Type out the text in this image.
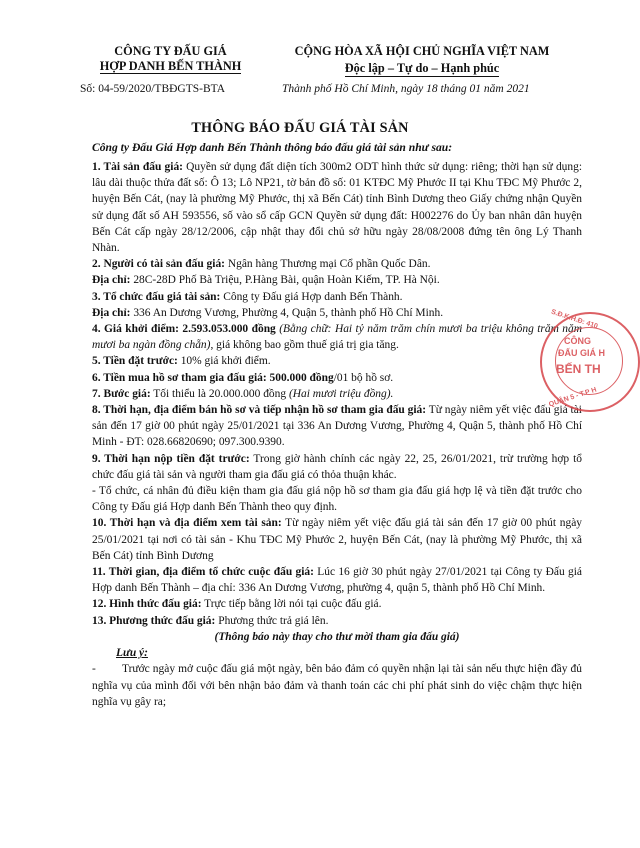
CÔNG TY ĐẤU GIÁ
HỢP DANH BẾN THÀNH
CỘNG HÒA XÃ HỘI CHỦ NGHĨA VIỆT NAM
Độc lập – Tự do – Hạnh phúc
Số: 04-59/2020/TBĐGTS-BTA	Thành phố Hồ Chí Minh, ngày 18 tháng 01 năm 2021
THÔNG BÁO ĐẤU GIÁ TÀI SẢN
Công ty Đấu Giá Hợp danh Bến Thành thông báo đấu giá tài sản như sau:

1. Tài sản đấu giá: Quyền sử dụng đất diện tích 300m2 ODT hình thức sử dụng: riêng; thời hạn sử dụng: lâu dài thuộc thửa đất số: Ô 13; Lô NP21, tờ bản đồ số: 01 KTĐC Mỹ Phước II tại Khu TĐC Mỹ Phước 2, huyện Bến Cát, (nay là phường Mỹ Phước, thị xã Bến Cát) tỉnh Bình Dương theo Giấy chứng nhận Quyền sử dụng đất số AH 593556, số vào sổ cấp GCN Quyền sử dụng đất: H002276 do Ủy ban nhân dân huyện Bến Cát cấp ngày 28/12/2006, cập nhật thay đổi chủ sở hữu ngày 28/08/2008 đứng tên ông Lý Thanh Nhàn.

2. Người có tài sản đấu giá: Ngân hàng Thương mại Cổ phần Quốc Dân.

Địa chỉ: 28C-28D Phố Bà Triệu, P.Hàng Bài, quận Hoàn Kiếm, TP. Hà Nội.

3. Tổ chức đấu giá tài sản: Công ty Đấu giá Hợp danh Bến Thành.

Địa chỉ: 336 An Dương Vương, Phường 4, Quận 5, thành phố Hồ Chí Minh.

4. Giá khởi điểm: 2.593.053.000 đồng (Bằng chữ: Hai tỷ năm trăm chín mươi ba triệu không trăm năm mươi ba ngàn đồng chẵn), giá không bao gồm thuế giá trị gia tăng.

5. Tiền đặt trước: 10% giá khởi điểm.

6. Tiền mua hồ sơ tham gia đấu giá: 500.000 đồng/01 bộ hồ sơ.

7. Bước giá: Tối thiểu là 20.000.000 đồng (Hai mươi triệu đồng).

8. Thời hạn, địa điểm bán hồ sơ và tiếp nhận hồ sơ tham gia đấu giá: Từ ngày niêm yết việc đấu giá tài sản đến 17 giờ 00 phút ngày 25/01/2021 tại 336 An Dương Vương, Phường 4, Quận 5, thành phố Hồ Chí Minh - ĐT: 028.66820690; 097.300.9390.

9. Thời hạn nộp tiền đặt trước: Trong giờ hành chính các ngày 22, 25, 26/01/2021, trừ trường hợp tổ chức đấu giá tài sản và người tham gia đấu giá có thỏa thuận khác.

- Tổ chức, cá nhân đủ điều kiện tham gia đấu giá nộp hồ sơ tham gia đấu giá hợp lệ và tiền đặt trước cho Công ty Đấu giá Hợp danh Bến Thành theo quy định.

10. Thời hạn và địa điểm xem tài sản: Từ ngày niêm yết việc đấu giá tài sản đến 17 giờ 00 phút ngày 25/01/2021 tại nơi có tài sản - Khu TĐC Mỹ Phước 2, huyện Bến Cát, (nay là phường Mỹ Phước, thị xã Bến Cát) tỉnh Bình Dương

11. Thời gian, địa điểm tổ chức cuộc đấu giá: Lúc 16 giờ 30 phút ngày 27/01/2021 tại Công ty Đấu giá Hợp danh Bến Thành – địa chỉ: 336 An Dương Vương, phường 4, quận 5, thành phố Hồ Chí Minh.

12. Hình thức đấu giá: Trực tiếp bằng lời nói tại cuộc đấu giá.

13. Phương thức đấu giá: Phương thức trả giá lên.

(Thông báo này thay cho thư mời tham gia đấu giá)

Lưu ý:

- Trước ngày mở cuộc đấu giá một ngày, bên bảo đảm có quyền nhận lại tài sản nếu thực hiện đầy đủ nghĩa vụ của mình đối với bên nhận bảo đảm và thanh toán các chi phí phát sinh do việc chậm thực hiện nghĩa vụ gây ra;

S.Đ.K.H.Đ: 410
CÔNG
ĐẤU GIÁ H
BẾN TH
QUẬN 5 - T.P H
